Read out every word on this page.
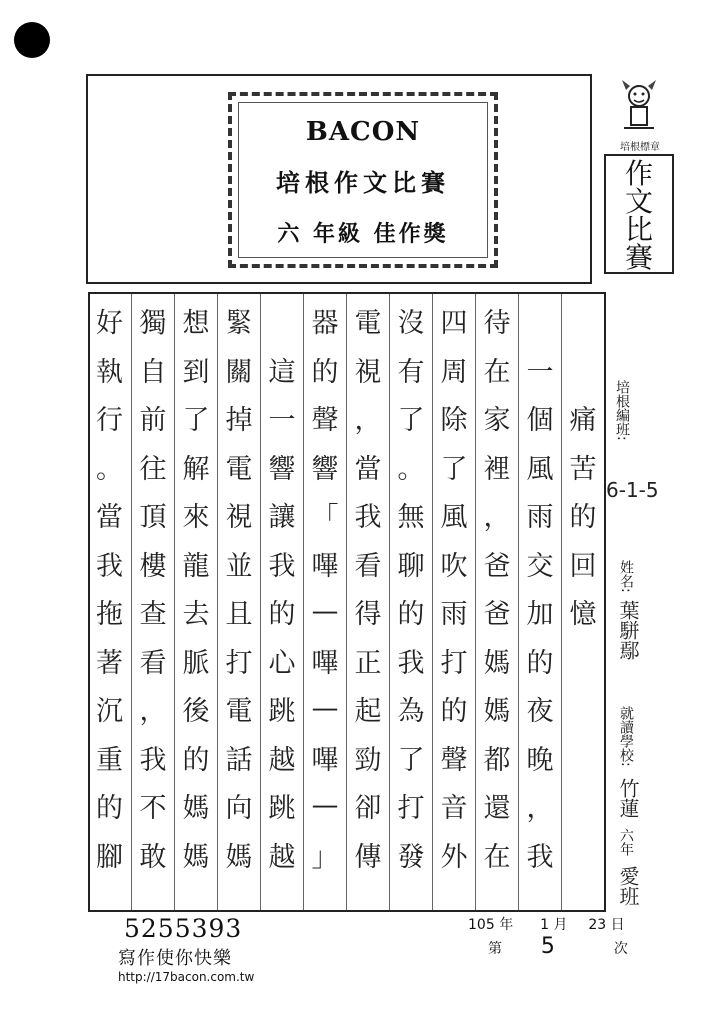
BACON
培根作文比賽
六 年級 佳作獎
培根標章
作
文
比
賽
痛
苦
的
回
憶
一
個
風
雨
交
加
的
夜
晚
，
我
待
在
家
裡
，
爸
爸
媽
媽
都
還
在
四
周
除
了
風
吹
雨
打
的
聲
音
外
沒
有
了
。
無
聊
的
我
為
了
打
發
電
視
，
當
我
看
得
正
起
勁
卻
傳
器
的
聲
響
「
嗶
—
嗶
—
嗶
—
」
這
一
響
讓
我
的
心
跳
越
跳
越
緊
關
掉
電
視
並
且
打
電
話
向
媽
想
到
了
解
來
龍
去
脈
後
的
媽
媽
獨
自
前
往
頂
樓
查
看
，
我
不
敢
好
執
行
。
當
我
拖
著
沉
重
的
腳
培根編班:
6-1-5
姓名:
葉駢鄢
就讀學校:
竹蓮
六年
愛班
5255393
寫作使你快樂
http://17bacon.com.tw
105 年 1 月 23 日
第 5	次
